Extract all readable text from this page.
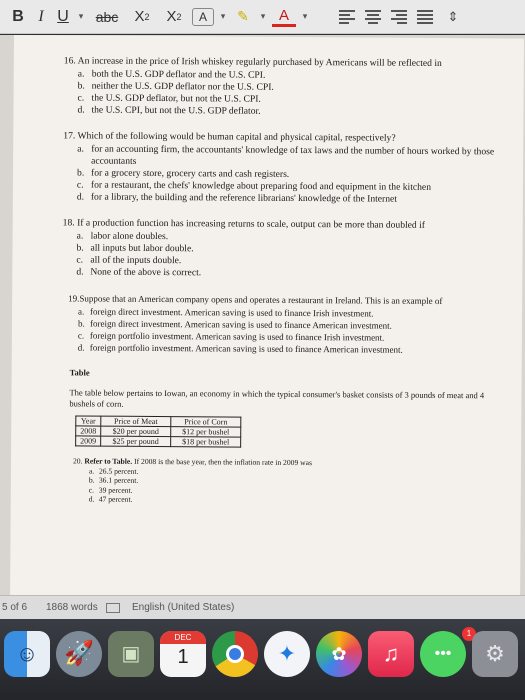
B I U	▾ abc	X 2 X 2	A	▾ ✎	▾ A	▾	⇕
16. An increase in the price of Irish whiskey regularly purchased by Americans will be reflected in
a. both the U.S. GDP deflator and the U.S. CPI.
b. neither the U.S. GDP deflator nor the U.S. CPI.
c. the U.S. GDP deflator, but not the U.S. CPI.
d. the U.S. CPI, but not the U.S. GDP deflator.
17. Which of the following would be human capital and physical capital, respectively?
a. for an accounting firm, the accountants' knowledge of tax laws and the number of hours worked by those accountants
b. for a grocery store, grocery carts and cash registers.
c. for a restaurant, the chefs' knowledge about preparing food and equipment in the kitchen
d. for a library, the building and the reference librarians' knowledge of the Internet
18. If a production function has increasing returns to scale, output can be more than doubled if
a. labor alone doubles.
b. all inputs but labor double.
c. all of the inputs double.
d. None of the above is correct.
19.Suppose that an American company opens and operates a restaurant in Ireland. This is an example of
a. foreign direct investment. American saving is used to finance Irish investment.
b. foreign direct investment. American saving is used to finance American investment.
c. foreign portfolio investment. American saving is used to finance Irish investment.
d. foreign portfolio investment. American saving is used to finance American investment.
Table
The table below pertains to Iowan, an economy in which the typical consumer's basket consists of 3 pounds of meat and 4 bushels of corn.
Year	Price of Meat	Price of Corn
2008	$20 per pound	$12 per bushel
2009	$25 per pound	$18 per bushel
20. Refer to Table. If 2008 is the base year, then the inflation rate in 2009 was
a. 26.5 percent.
b. 36.1 percent.
c. 39 percent.
d. 47 percent.
5 of 6	1868 words	English (United States)
☺ 🚀 ▣
DEC
1	✦ ✿ ♫ •••
1
⚙
